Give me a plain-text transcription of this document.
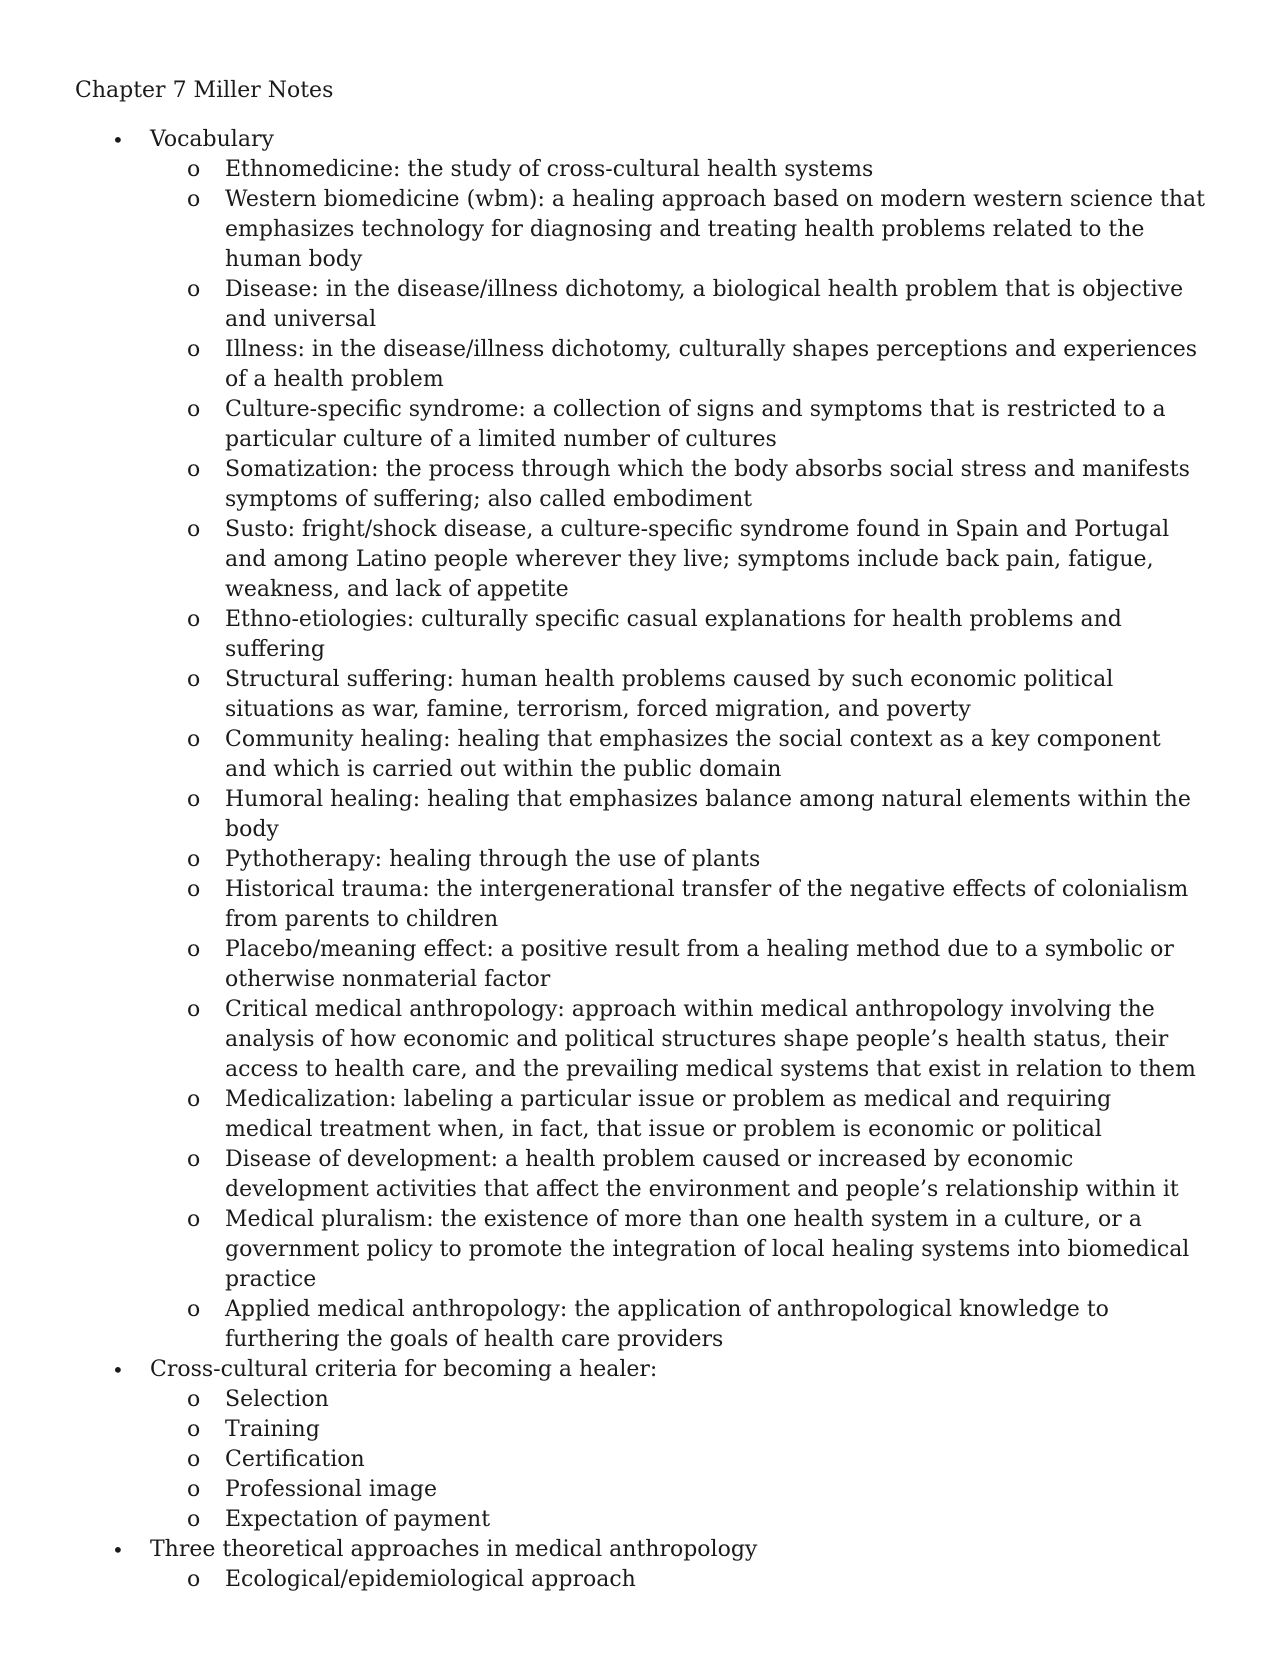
Chapter 7 Miller Notes
• Vocabulary
o Ethnomedicine: the study of cross-cultural health systems
o Western biomedicine (wbm): a healing approach based on modern western science that emphasizes technology for diagnosing and treating health problems related to the human body
o Disease: in the disease/illness dichotomy, a biological health problem that is objective and universal
o Illness: in the disease/illness dichotomy, culturally shapes perceptions and experiences of a health problem
o Culture-specific syndrome: a collection of signs and symptoms that is restricted to a particular culture of a limited number of cultures
o Somatization: the process through which the body absorbs social stress and manifests symptoms of suffering; also called embodiment
o Susto: fright/shock disease, a culture-specific syndrome found in Spain and Portugal and among Latino people wherever they live; symptoms include back pain, fatigue, weakness, and lack of appetite
o Ethno-etiologies: culturally specific casual explanations for health problems and suffering
o Structural suffering: human health problems caused by such economic political situations as war, famine, terrorism, forced migration, and poverty
o Community healing: healing that emphasizes the social context as a key component and which is carried out within the public domain
o Humoral healing: healing that emphasizes balance among natural elements within the body
o Pythotherapy: healing through the use of plants
o Historical trauma: the intergenerational transfer of the negative effects of colonialism from parents to children
o Placebo/meaning effect: a positive result from a healing method due to a symbolic or otherwise nonmaterial factor
o Critical medical anthropology: approach within medical anthropology involving the analysis of how economic and political structures shape people’s health status, their access to health care, and the prevailing medical systems that exist in relation to them
o Medicalization: labeling a particular issue or problem as medical and requiring medical treatment when, in fact, that issue or problem is economic or political
o Disease of development: a health problem caused or increased by economic development activities that affect the environment and people’s relationship within it
o Medical pluralism: the existence of more than one health system in a culture, or a government policy to promote the integration of local healing systems into biomedical practice
o Applied medical anthropology: the application of anthropological knowledge to furthering the goals of health care providers
• Cross-cultural criteria for becoming a healer:
o Selection
o Training
o Certification
o Professional image
o Expectation of payment
• Three theoretical approaches in medical anthropology
o Ecological/epidemiological approach
